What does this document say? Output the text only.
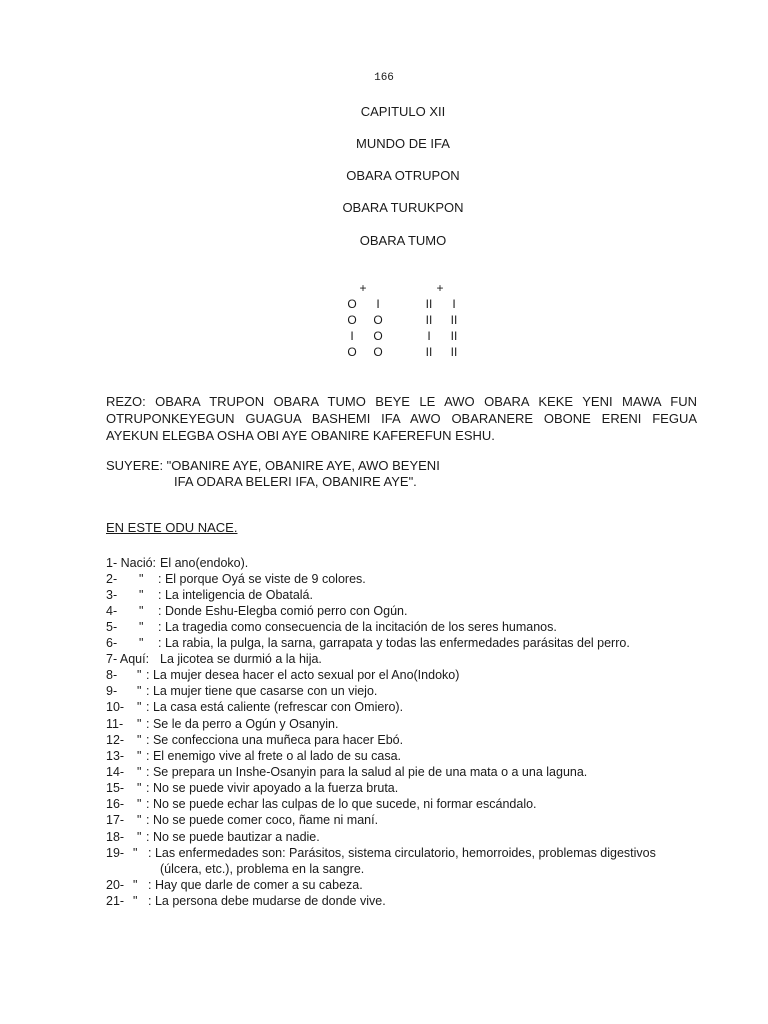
166
CAPITULO XII
MUNDO DE IFA
OBARA OTRUPON
OBARA TURUKPON
OBARA TUMO
+
O	I
O	O
I	O
O	O
+
II	I
II	II
I	II
II	II
REZO: OBARA TRUPON OBARA TUMO BEYE LE AWO OBARA KEKE YENI MAWA FUN
OTRUPONKEYEGUN GUAGUA BASHEMI IFA AWO OBARANERE OBONE ERENI FEGUA
AYEKUN ELEGBA OSHA OBI AYE OBANIRE KAFEREFUN ESHU.
SUYERE: "OBANIRE AYE, OBANIRE AYE, AWO BEYENI
IFA ODARA BELERI IFA, OBANIRE AYE".
EN ESTE ODU NACE.
1- Nació: El ano(endoko).
2- " : El porque Oyá se viste de 9 colores.
3- " : La inteligencia de Obatalá.
4- " : Donde Eshu-Elegba comió perro con Ogún.
5- " : La tragedia como consecuencia de la incitación de los seres humanos.
6- " : La rabia, la pulga, la sarna, garrapata y todas las enfermedades parásitas del perro.
7- Aquí: La jicotea se durmió a la hija.
8- " : La mujer desea hacer el acto sexual por el Ano(Indoko)
9- " : La mujer tiene que casarse con un viejo.
10- " : La casa está caliente (refrescar con Omiero).
11- " : Se le da perro a Ogún y Osanyin.
12- " : Se confecciona una muñeca para hacer Ebó.
13- " : El enemigo vive al frete o al lado de su casa.
14- " : Se prepara un Inshe-Osanyin para la salud al pie de una mata o a una laguna.
15- " : No se puede vivir apoyado a la fuerza bruta.
16- " : No se puede echar las culpas de lo que sucede, ni formar escándalo.
17- " : No se puede comer coco, ñame ni maní.
18- " : No se puede bautizar a nadie.
19- " : Las enfermedades son: Parásitos, sistema circulatorio, hemorroides, problemas digestivos
(úlcera, etc.), problema en la sangre.
20- " : Hay que darle de comer a su cabeza.
21- " : La persona debe mudarse de donde vive.
